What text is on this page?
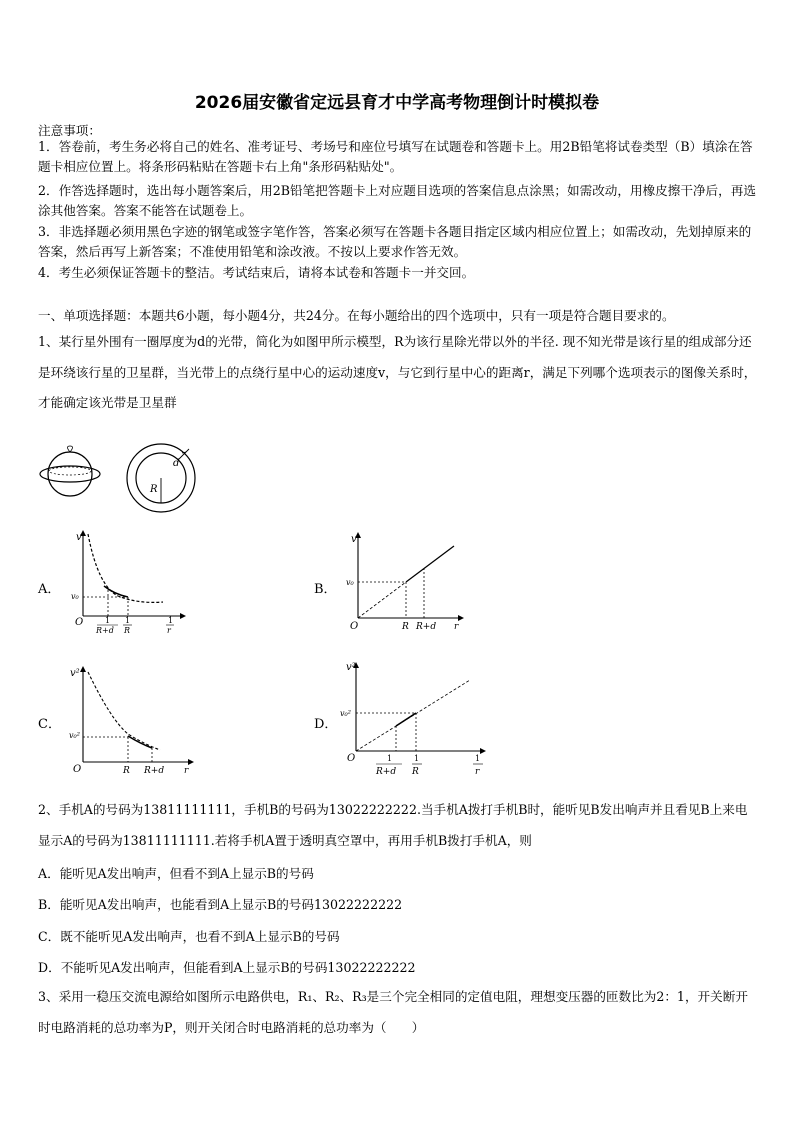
2026届安徽省定远县育才中学高考物理倒计时模拟卷
注意事项：
1．答卷前，考生务必将自己的姓名、准考证号、考场号和座位号填写在试题卷和答题卡上。用2B铅笔将试卷类型（B）填涂在答题卡相应位置上。将条形码粘贴在答题卡右上角"条形码粘贴处"。
2．作答选择题时，选出每小题答案后，用2B铅笔把答题卡上对应题目选项的答案信息点涂黑；如需改动，用橡皮擦干净后，再选涂其他答案。答案不能答在试题卷上。
3．非选择题必须用黑色字迹的钢笔或签字笔作答，答案必须写在答题卡各题目指定区域内相应位置上；如需改动，先划掉原来的答案，然后再写上新答案；不准使用铅笔和涂改液。不按以上要求作答无效。
4．考生必须保证答题卡的整洁。考试结束后，请将本试卷和答题卡一并交回。
一、单项选择题：本题共6小题，每小题4分，共24分。在每小题给出的四个选项中，只有一项是符合题目要求的。
1、某行星外围有一圈厚度为d的光带，简化为如图甲所示模型，R为该行星除光带以外的半径. 现不知光带是该行星的组成部分还是环绕该行星的卫星群，当光带上的点绕行星中心的运动速度v，与它到行星中心的距离r，满足下列哪个选项表示的图像关系时，才能确定该光带是卫星群
R
d
A．
v
v₀
O	1
R+d
1
R
1
r
B．
v
v₀
O	R R+d r
C．
v²
v₀²
O	R R+d r
D．
v²
v₀²
O	1
R+d
1
R
1
r
2、手机A的号码为13811111111，手机B的号码为13022222222.当手机A拨打手机B时，能听见B发出响声并且看见B上来电显示A的号码为13811111111.若将手机A置于透明真空罩中，再用手机B拨打手机A，则
A．能听见A发出响声，但看不到A上显示B的号码
B．能听见A发出响声，也能看到A上显示B的号码13022222222
C．既不能听见A发出响声，也看不到A上显示B的号码
D．不能听见A发出响声，但能看到A上显示B的号码13022222222
3、采用一稳压交流电源给如图所示电路供电，R₁、R₂、R₃是三个完全相同的定值电阻，理想变压器的匝数比为2：1，开关断开时电路消耗的总功率为P，则开关闭合时电路消耗的总功率为（　　）
